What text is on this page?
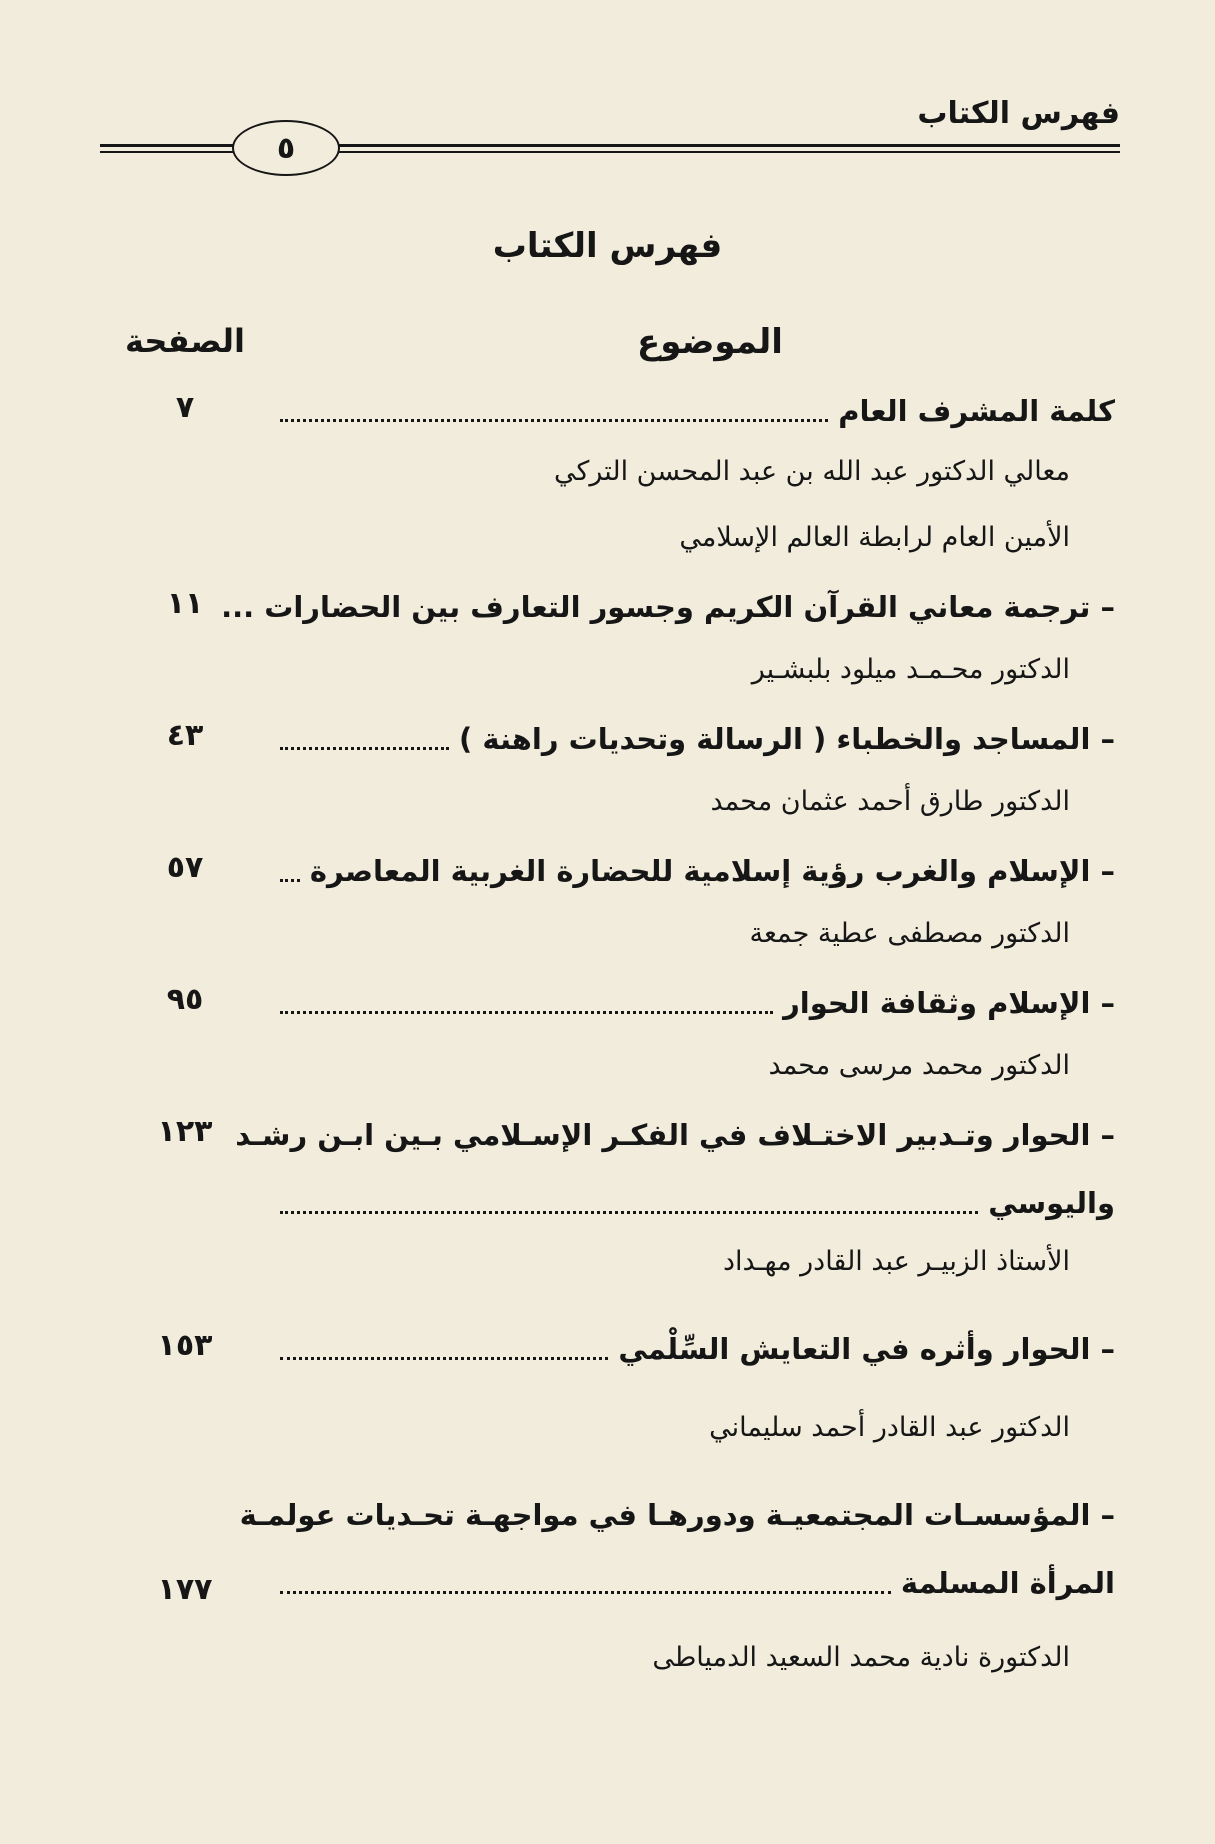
فهرس الكتاب
٥
فهرس الكتاب
الموضوع
الصفحة
كلمة المشرف العام
٧
معالي الدكتور عبد الله بن عبد المحسن التركي
الأمين العام لرابطة العالم الإسلامي
– ترجمة معاني القرآن الكريم وجسور التعارف بين الحضارات ...
١١
الدكتور محـمـد ميلود بلبشـير
– المساجد والخطباء ( الرسالة وتحديات راهنة )
٤٣
الدكتور طارق أحمد عثمان محمد
– الإسلام والغرب رؤية إسلامية للحضارة الغربية المعاصرة
٥٧
الدكتور مصطفى عطية جمعة
– الإسلام وثقافة الحوار
٩٥
الدكتور محمد مرسى محمد
– الحوار وتـدبير الاختـلاف في الفكـر الإسـلامي بـين ابـن رشـد
١٢٣
واليوسي
الأستاذ الزبيـر عبد القادر مهـداد
– الحوار وأثره في التعايش السِّلْمي
١٥٣
الدكتور عبد القادر أحمد سليماني
– المؤسسـات المجتمعيـة ودورهـا في مواجهـة تحـديات عولمـة
المرأة المسلمة
١٧٧
الدكتورة نادية محمد السعيد الدمياطى
